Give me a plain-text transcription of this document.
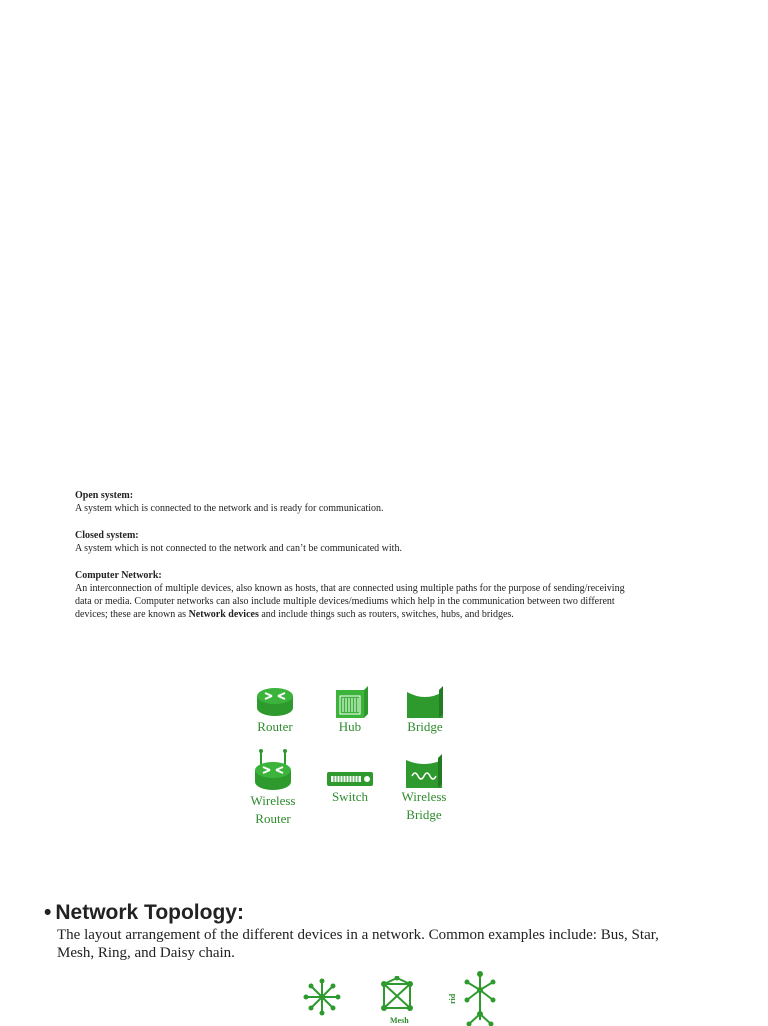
Open system:
A system which is connected to the network and is ready for communication.

Closed system:
A system which is not connected to the network and can’t be communicated with.

Computer Network:
An interconnection of multiple devices, also known as hosts, that are connected using multiple paths for the purpose of sending/receiving data or media. Computer networks can also include multiple devices/mediums which help in the communication between two different devices; these are known as Network devices and include things such as routers, switches, hubs, and bridges.

Router	Hub	Bridge
Wireless
Router
Switch	Wireless
Bridge
• Network Topology:
The layout arrangement of the different devices in a network. Common examples include: Bus, Star, Mesh, Ring, and Daisy chain.
Mesh
rid
